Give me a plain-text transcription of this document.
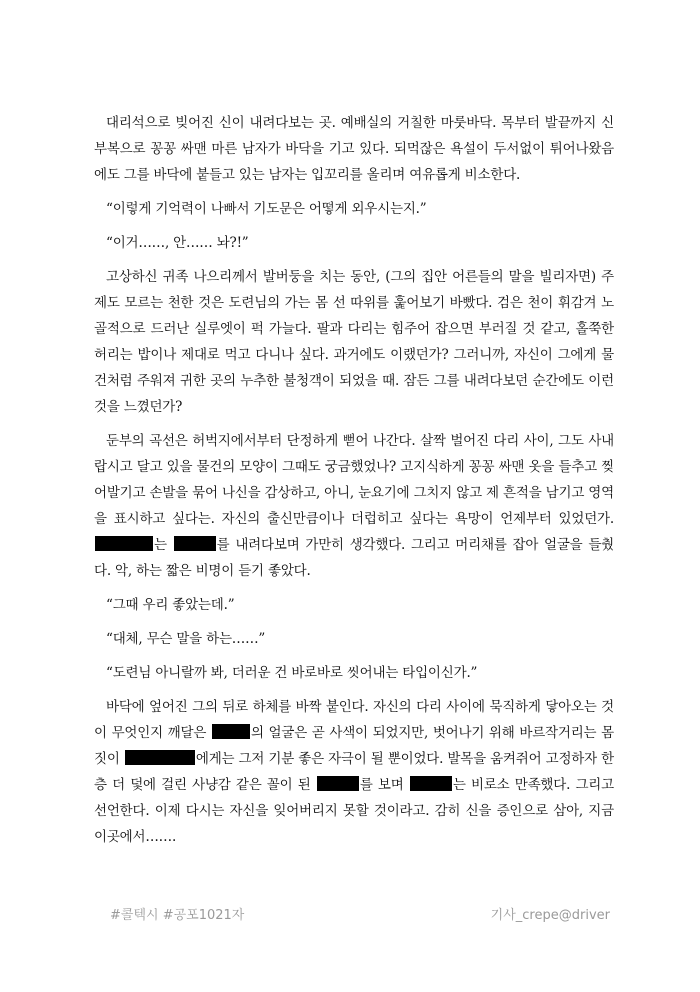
대리석으로 빚어진 신이 내려다보는 곳. 예배실의 거칠한 마룻바닥. 목부터 발끝까지 신부복으로 꽁꽁 싸맨 마른 남자가 바닥을 기고 있다. 되먹잖은 욕설이 두서없이 튀어나왔음에도 그를 바닥에 붙들고 있는 남자는 입꼬리를 올리며 여유롭게 비소한다.

“이렇게 기억력이 나빠서 기도문은 어떻게 외우시는지.”

“이거……, 안…… 놔?!”

고상하신 귀족 나으리께서 발버둥을 치는 동안, (그의 집안 어른들의 말을 빌리자면) 주제도 모르는 천한 것은 도련님의 가는 몸 선 따위를 훑어보기 바빴다. 검은 천이 휘감겨 노골적으로 드러난 실루엣이 퍽 가늘다. 팔과 다리는 힘주어 잡으면 부러질 것 같고, 홀쭉한 허리는 밥이나 제대로 먹고 다니나 싶다. 과거에도 이랬던가? 그러니까, 자신이 그에게 물건처럼 주워져 귀한 곳의 누추한 불청객이 되었을 때. 잠든 그를 내려다보던 순간에도 이런 것을 느꼈던가?

둔부의 곡선은 허벅지에서부터 단정하게 뻗어 나간다. 살짝 벌어진 다리 사이, 그도 사내랍시고 달고 있을 물건의 모양이 그때도 궁금했었나? 고지식하게 꽁꽁 싸맨 옷을 들추고 찢어발기고 손발을 묶어 나신을 감상하고, 아니, 눈요기에 그치지 않고 제 흔적을 남기고 영역을 표시하고 싶다는. 자신의 출신만큼이나 더럽히고 싶다는 욕망이 언제부터 있었던가. 는	를 내려다보며 가만히 생각했다. 그리고 머리채를 잡아 얼굴을 들췄다. 악, 하는 짧은 비명이 듣기 좋았다.

“그때 우리 좋았는데.”

“대체, 무슨 말을 하는……”

“도련님 아니랄까 봐, 더러운 건 바로바로 씻어내는 타입이신가.”

바닥에 엎어진 그의 뒤로 하체를 바짝 붙인다. 자신의 다리 사이에 묵직하게 닿아오는 것이 무엇인지 깨달은	의 얼굴은 곧 사색이 되었지만, 벗어나기 위해 바르작거리는 몸짓이	에게는 그저 기분 좋은 자극이 될 뿐이었다. 발목을 움켜쥐어 고정하자 한층 더 덫에 걸린 사냥감 같은 꼴이 된	를 보며	는 비로소 만족했다. 그리고 선언한다. 이제 다시는 자신을 잊어버리지 못할 것이라고. 감히 신을 증인으로 삼아, 지금 이곳에서…….

#콜텍시 #공포1021자	기사_crepe@driver
